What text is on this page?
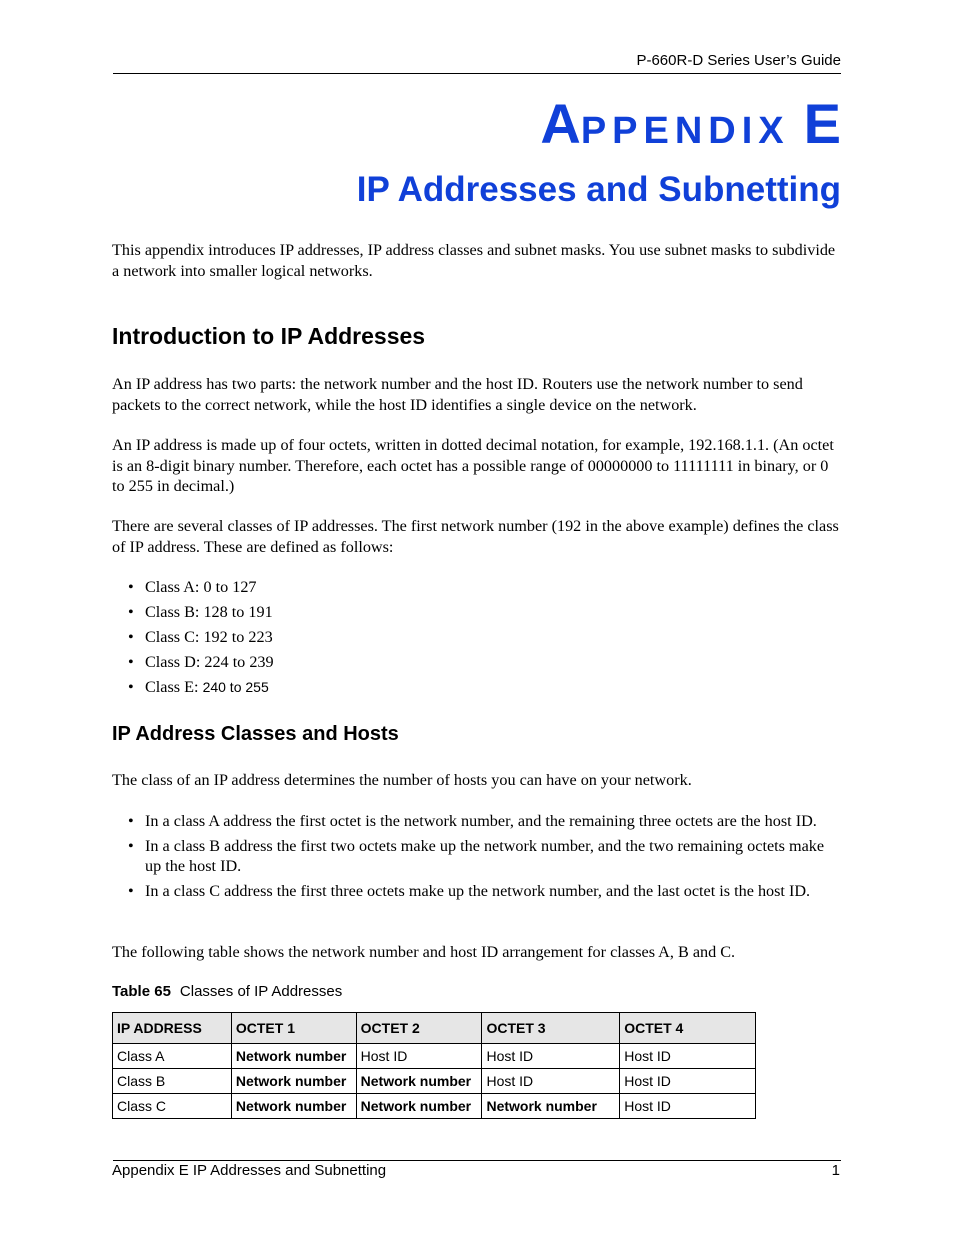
P-660R-D Series User’s Guide
APPENDIX E
IP Addresses and Subnetting

This appendix introduces IP addresses, IP address classes and subnet masks. You use subnet masks to subdivide a network into smaller logical networks.

Introduction to IP Addresses

An IP address has two parts: the network number and the host ID. Routers use the network number to send packets to the correct network, while the host ID identifies a single device on the network.

An IP address is made up of four octets, written in dotted decimal notation, for example, 192.168.1.1. (An octet is an 8-digit binary number. Therefore, each octet has a possible range of 00000000 to 11111111 in binary, or 0 to 255 in decimal.)

There are several classes of IP addresses. The first network number (192 in the above example) defines the class of IP address. These are defined as follows:

• Class A: 0 to 127
• Class B: 128 to 191
• Class C: 192 to 223
• Class D: 224 to 239
• Class E: 240 to 255
IP Address Classes and Hosts

The class of an IP address determines the number of hosts you can have on your network.

• In a class A address the first octet is the network number, and the remaining three octets are the host ID.
• In a class B address the first two octets make up the network number, and the two remaining octets make up the host ID.
• In a class C address the first three octets make up the network number, and the last octet is the host ID.

The following table shows the network number and host ID arrangement for classes A, B and C.

Table 65 Classes of IP Addresses
IP ADDRESS	OCTET 1	OCTET 2	OCTET 3	OCTET 4
Class A	Network number	Host ID	Host ID	Host ID
Class B	Network number	Network number	Host ID	Host ID
Class C	Network number	Network number	Network number	Host ID
Appendix E IP Addresses and Subnetting	1
